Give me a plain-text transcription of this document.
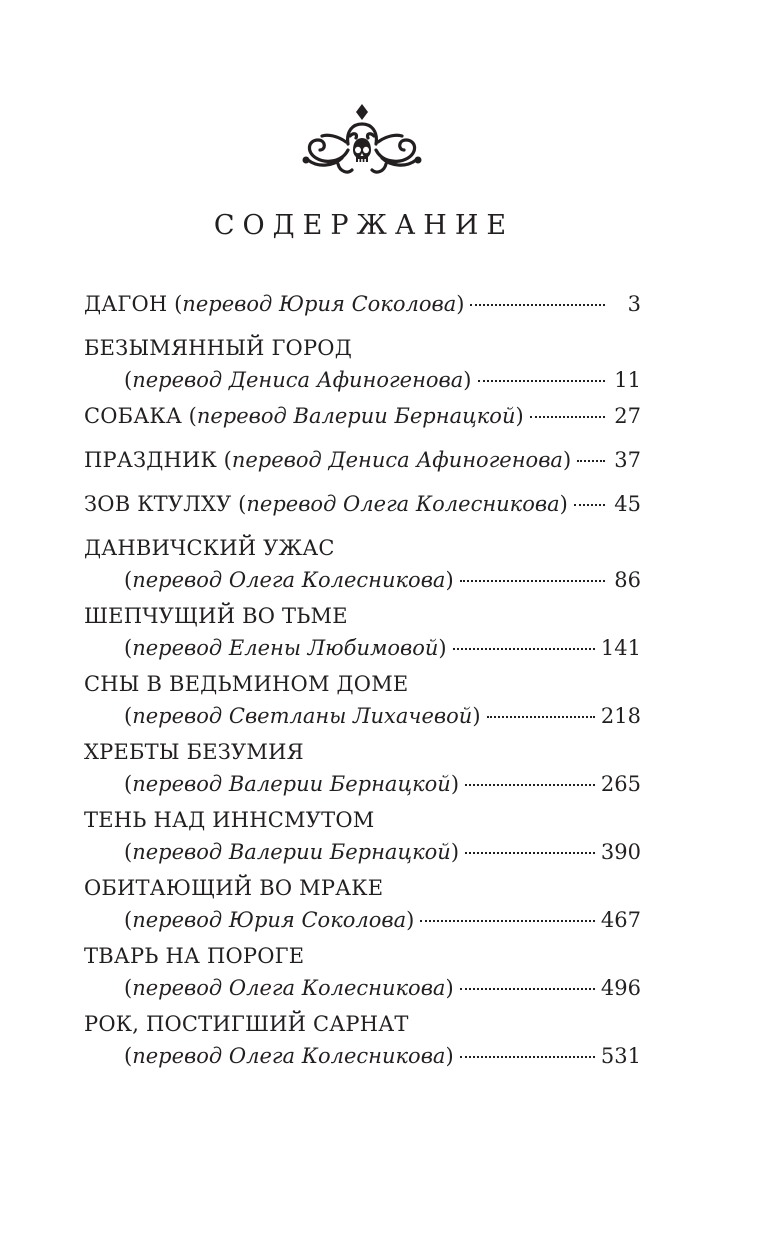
СОДЕРЖАНИЕ
ДАГОН (перевод Юрия Соколова)	3
БЕЗЫМЯННЫЙ ГОРОД
(перевод Дениса Афиногенова)	11
СОБАКА (перевод Валерии Бернацкой)	27
ПРАЗДНИК (перевод Дениса Афиногенова) 37
ЗОВ КТУЛХУ (перевод Олега Колесникова) 45
ДАНВИЧСКИЙ УЖАС
(перевод Олега Колесникова)	86
ШЕПЧУЩИЙ ВО ТЬМЕ
(перевод Елены Любимовой)	141
СНЫ В ВЕДЬМИНОМ ДОМЕ
(перевод Светланы Лихачевой)	218
ХРЕБТЫ БЕЗУМИЯ
(перевод Валерии Бернацкой)	265
ТЕНЬ НАД ИННСМУТОМ
(перевод Валерии Бернацкой)	390
ОБИТАЮЩИЙ ВО МРАКЕ
(перевод Юрия Соколова)	467
ТВАРЬ НА ПОРОГЕ
(перевод Олега Колесникова)	496
РОК, ПОСТИГШИЙ САРНАТ
(перевод Олега Колесникова)	531
